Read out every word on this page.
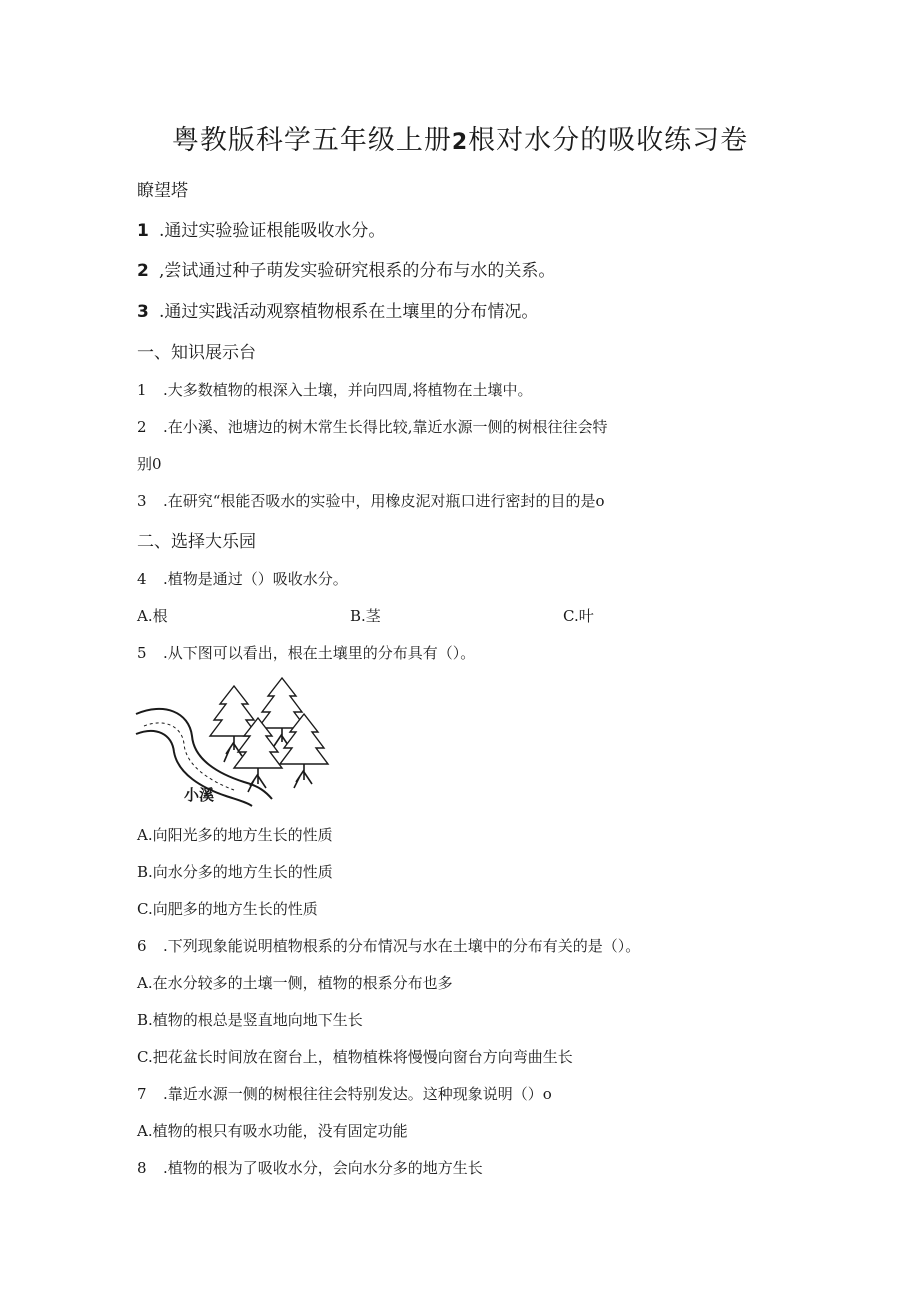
粤教版科学五年级上册2根对水分的吸收练习卷
瞭望塔
1 .通过实验验证根能吸收水分。
2 ,尝试通过种子萌发实验研究根系的分布与水的关系。
3 .通过实践活动观察植物根系在土壤里的分布情况。
一、知识展示台
1 .大多数植物的根深入土壤，并向四周,将植物在土壤中。
2 .在小溪、池塘边的树木常生长得比较,靠近水源一侧的树根往往会特
别0
3 .在研究“根能否吸水的实验中，用橡皮泥对瓶口进行密封的目的是o
二、选择大乐园
4 .植物是通过（）吸收水分。
A.根	B.茎	C.叶
5 .从下图可以看出，根在土壤里的分布具有（）。
小溪
A.向阳光多的地方生长的性质
B.向水分多的地方生长的性质
C.向肥多的地方生长的性质
6 .下列现象能说明植物根系的分布情况与水在土壤中的分布有关的是（）。
A.在水分较多的土壤一侧，植物的根系分布也多
B.植物的根总是竖直地向地下生长
C.把花盆长时间放在窗台上，植物植株将慢慢向窗台方向弯曲生长
7 .靠近水源一侧的树根往往会特别发达。这种现象说明（）o
A.植物的根只有吸水功能，没有固定功能
8 .植物的根为了吸收水分，会向水分多的地方生长
